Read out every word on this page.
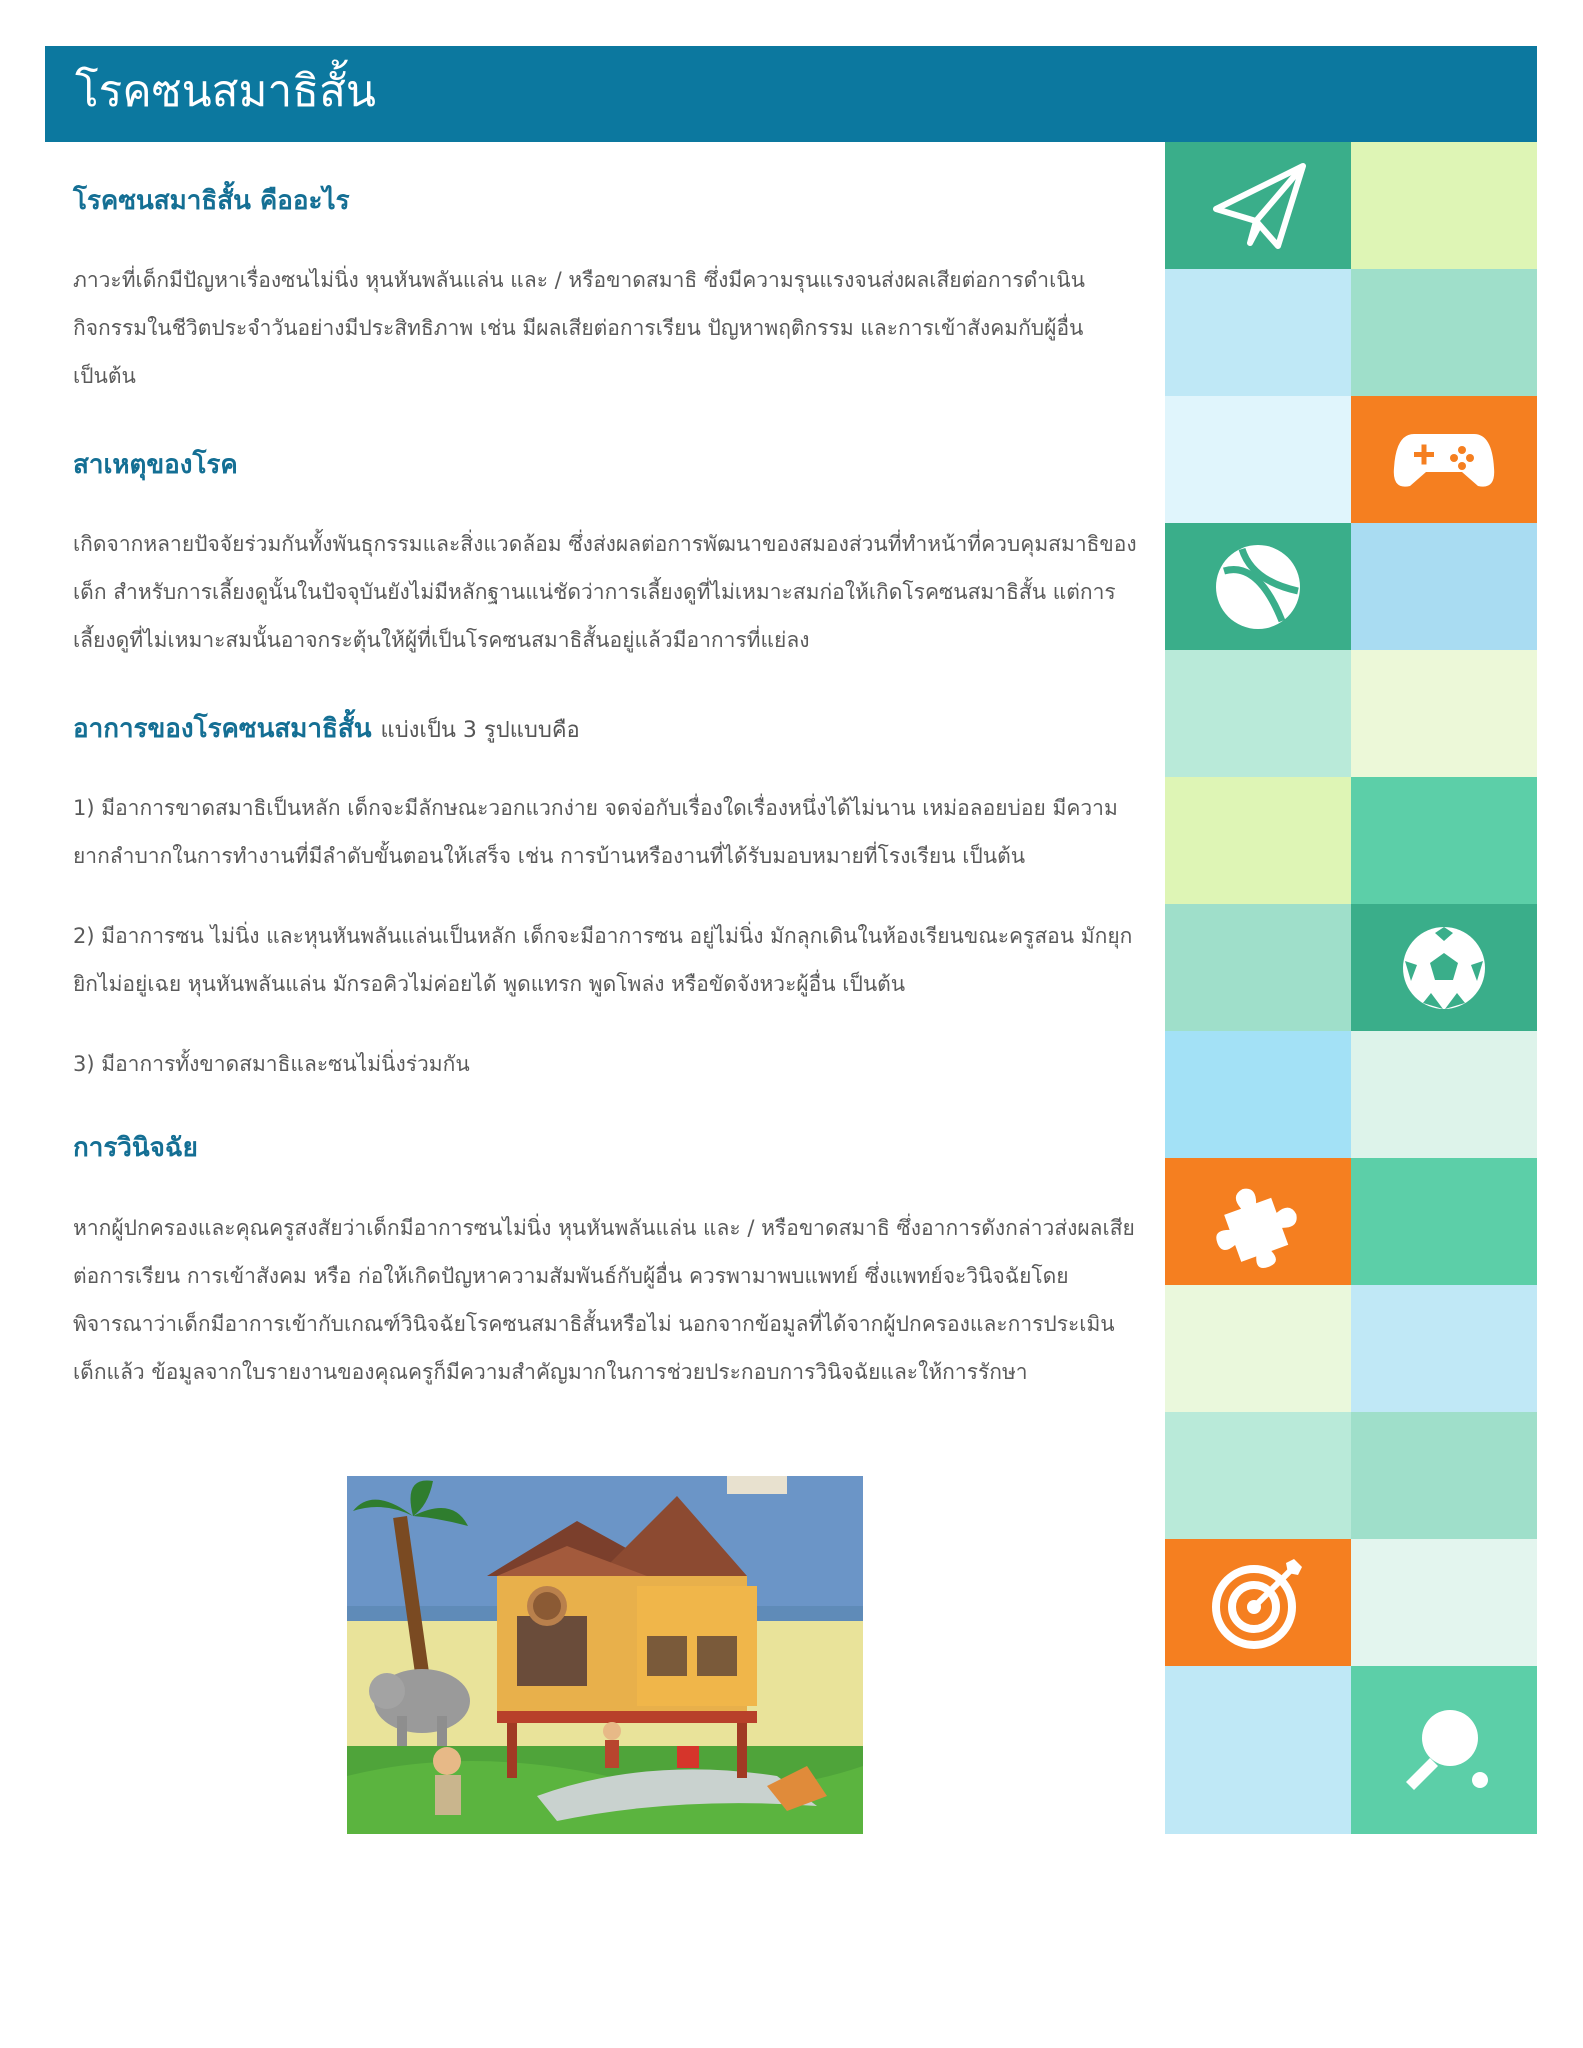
โรคซนสมาธิสั้น
โรคซนสมาธิสั้น คืออะไร

ภาวะที่เด็กมีปัญหาเรื่องซนไม่นิ่ง หุนหันพลันแล่น และ / หรือขาดสมาธิ ซึ่งมีความรุนแรงจนส่งผลเสียต่อการดำเนินกิจกรรมในชีวิตประจำวันอย่างมีประสิทธิภาพ เช่น มีผลเสียต่อการเรียน ปัญหาพฤติกรรม และการเข้าสังคมกับผู้อื่น เป็นต้น

สาเหตุของโรค

เกิดจากหลายปัจจัยร่วมกันทั้งพันธุกรรมและสิ่งแวดล้อม ซึ่งส่งผลต่อการพัฒนาของสมองส่วนที่ทำหน้าที่ควบคุมสมาธิของเด็ก สำหรับการเลี้ยงดูนั้นในปัจจุบันยังไม่มีหลักฐานแน่ชัดว่าการเลี้ยงดูที่ไม่เหมาะสมก่อให้เกิดโรคซนสมาธิสั้น แต่การเลี้ยงดูที่ไม่เหมาะสมนั้นอาจกระตุ้นให้ผู้ที่เป็นโรคซนสมาธิสั้นอยู่แล้วมีอาการที่แย่ลง

อาการของโรคซนสมาธิสั้น แบ่งเป็น 3 รูปแบบคือ

1) มีอาการขาดสมาธิเป็นหลัก เด็กจะมีลักษณะวอกแวกง่าย จดจ่อกับเรื่องใดเรื่องหนึ่งได้ไม่นาน เหม่อลอยบ่อย มีความยากลำบากในการทำงานที่มีลำดับขั้นตอนให้เสร็จ เช่น การบ้านหรืองานที่ได้รับมอบหมายที่โรงเรียน เป็นต้น

2) มีอาการซน ไม่นิ่ง และหุนหันพลันแล่นเป็นหลัก เด็กจะมีอาการซน อยู่ไม่นิ่ง มักลุกเดินในห้องเรียนขณะครูสอน มักยุกยิกไม่อยู่เฉย หุนหันพลันแล่น มักรอคิวไม่ค่อยได้ พูดแทรก พูดโพล่ง หรือขัดจังหวะผู้อื่น เป็นต้น

3) มีอาการทั้งขาดสมาธิและซนไม่นิ่งร่วมกัน

การวินิจฉัย

หากผู้ปกครองและคุณครูสงสัยว่าเด็กมีอาการซนไม่นิ่ง หุนหันพลันแล่น และ / หรือขาดสมาธิ ซึ่งอาการดังกล่าวส่งผลเสียต่อการเรียน การเข้าสังคม หรือ ก่อให้เกิดปัญหาความสัมพันธ์กับผู้อื่น ควรพามาพบแพทย์ ซึ่งแพทย์จะวินิจฉัยโดยพิจารณาว่าเด็กมีอาการเข้ากับเกณฑ์วินิจฉัยโรคซนสมาธิสั้นหรือไม่ นอกจากข้อมูลที่ได้จากผู้ปกครองและการประเมินเด็กแล้ว ข้อมูลจากใบรายงานของคุณครูก็มีความสำคัญมากในการช่วยประกอบการวินิจฉัยและให้การรักษา
